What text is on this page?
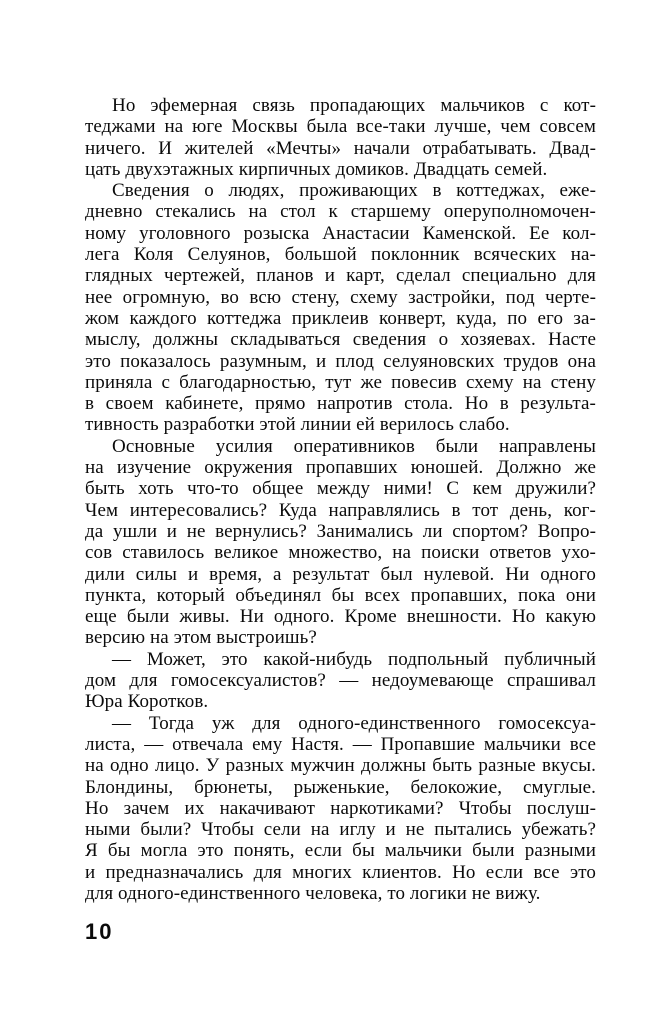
Но эфемерная связь пропадающих мальчиков с кот-
теджами на юге Москвы была все-таки лучше, чем совсем
ничего. И жителей «Мечты» начали отрабатывать. Двад-
цать двухэтажных кирпичных домиков. Двадцать семей.
Сведения о людях, проживающих в коттеджах, еже-
дневно стекались на стол к старшему оперуполномочен-
ному уголовного розыска Анастасии Каменской. Ее кол-
лега Коля Селуянов, большой поклонник всяческих на-
глядных чертежей, планов и карт, сделал специально для
нее огромную, во всю стену, схему застройки, под черте-
жом каждого коттеджа приклеив конверт, куда, по его за-
мыслу, должны складываться сведения о хозяевах. Насте
это показалось разумным, и плод селуяновских трудов она
приняла с благодарностью, тут же повесив схему на стену
в своем кабинете, прямо напротив стола. Но в результа-
тивность разработки этой линии ей верилось слабо.
Основные усилия оперативников были направлены
на изучение окружения пропавших юношей. Должно же
быть хоть что-то общее между ними! С кем дружили?
Чем интересовались? Куда направлялись в тот день, ког-
да ушли и не вернулись? Занимались ли спортом? Вопро-
сов ставилось великое множество, на поиски ответов ухо-
дили силы и время, а результат был нулевой. Ни одного
пункта, который объединял бы всех пропавших, пока они
еще были живы. Ни одного. Кроме внешности. Но какую
версию на этом выстроишь?
— Может, это какой-нибудь подпольный публичный
дом для гомосексуалистов? — недоумевающе спрашивал
Юра Коротков.
— Тогда уж для одного-единственного гомосексуа-
листа, — отвечала ему Настя. — Пропавшие мальчики все
на одно лицо. У разных мужчин должны быть разные вкусы.
Блондины, брюнеты, рыженькие, белокожие, смуглые.
Но зачем их накачивают наркотиками? Чтобы послуш-
ными были? Чтобы сели на иглу и не пытались убежать?
Я бы могла это понять, если бы мальчики были разными
и предназначались для многих клиентов. Но если все это
для одного-единственного человека, то логики не вижу.
10
